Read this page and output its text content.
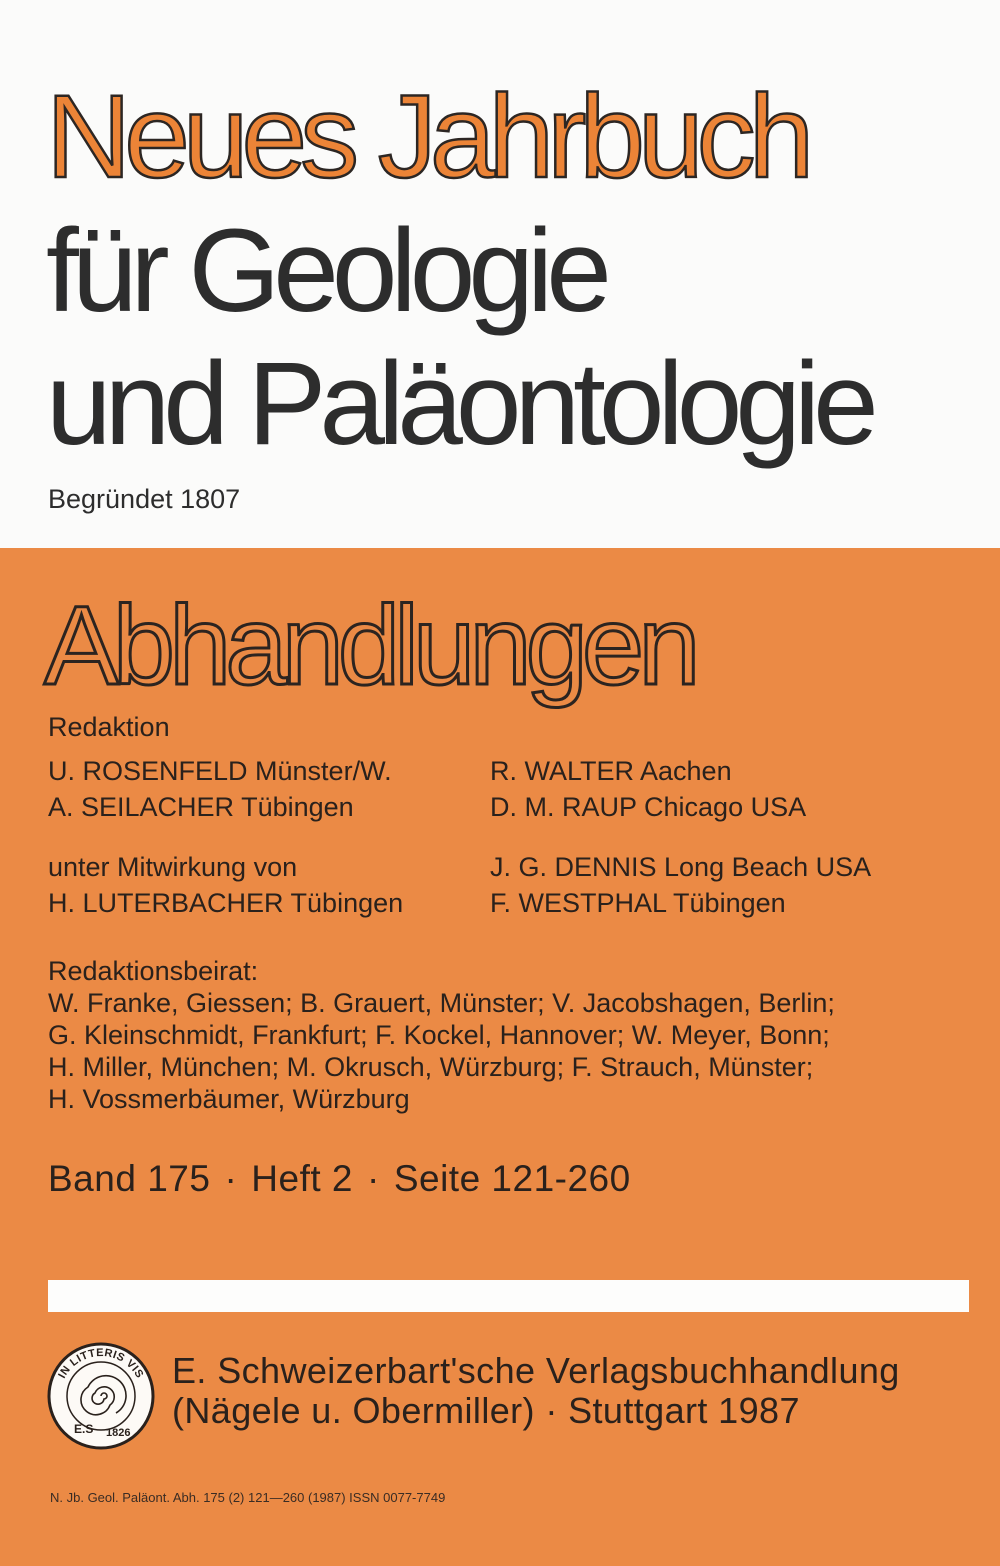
Neues Jahrbuch
für Geologie
und Paläontologie
Begründet 1807
Abhandlungen
Redaktion
U. ROSENFELD Münster/W.
A. SEILACHER Tübingen
R. WALTER Aachen
D. M. RAUP Chicago USA
unter Mitwirkung von
H. LUTERBACHER Tübingen
J. G. DENNIS Long Beach USA
F. WESTPHAL Tübingen
Redaktionsbeirat:
W. Franke, Giessen; B. Grauert, Münster; V. Jacobshagen, Berlin;
G. Kleinschmidt, Frankfurt; F. Kockel, Hannover; W. Meyer, Bonn;
H. Miller, München; M. Okrusch, Würzburg; F. Strauch, Münster;
H. Vossmerbäumer, Würzburg
Band 175 · Heft 2 · Seite 121-260
IN LITTERIS VIS
E.S 1826
E. Schweizerbart'sche Verlagsbuchhandlung
(Nägele u. Obermiller) · Stuttgart 1987
N. Jb. Geol. Paläont. Abh. 175 (2) 121—260 (1987) ISSN 0077-7749
